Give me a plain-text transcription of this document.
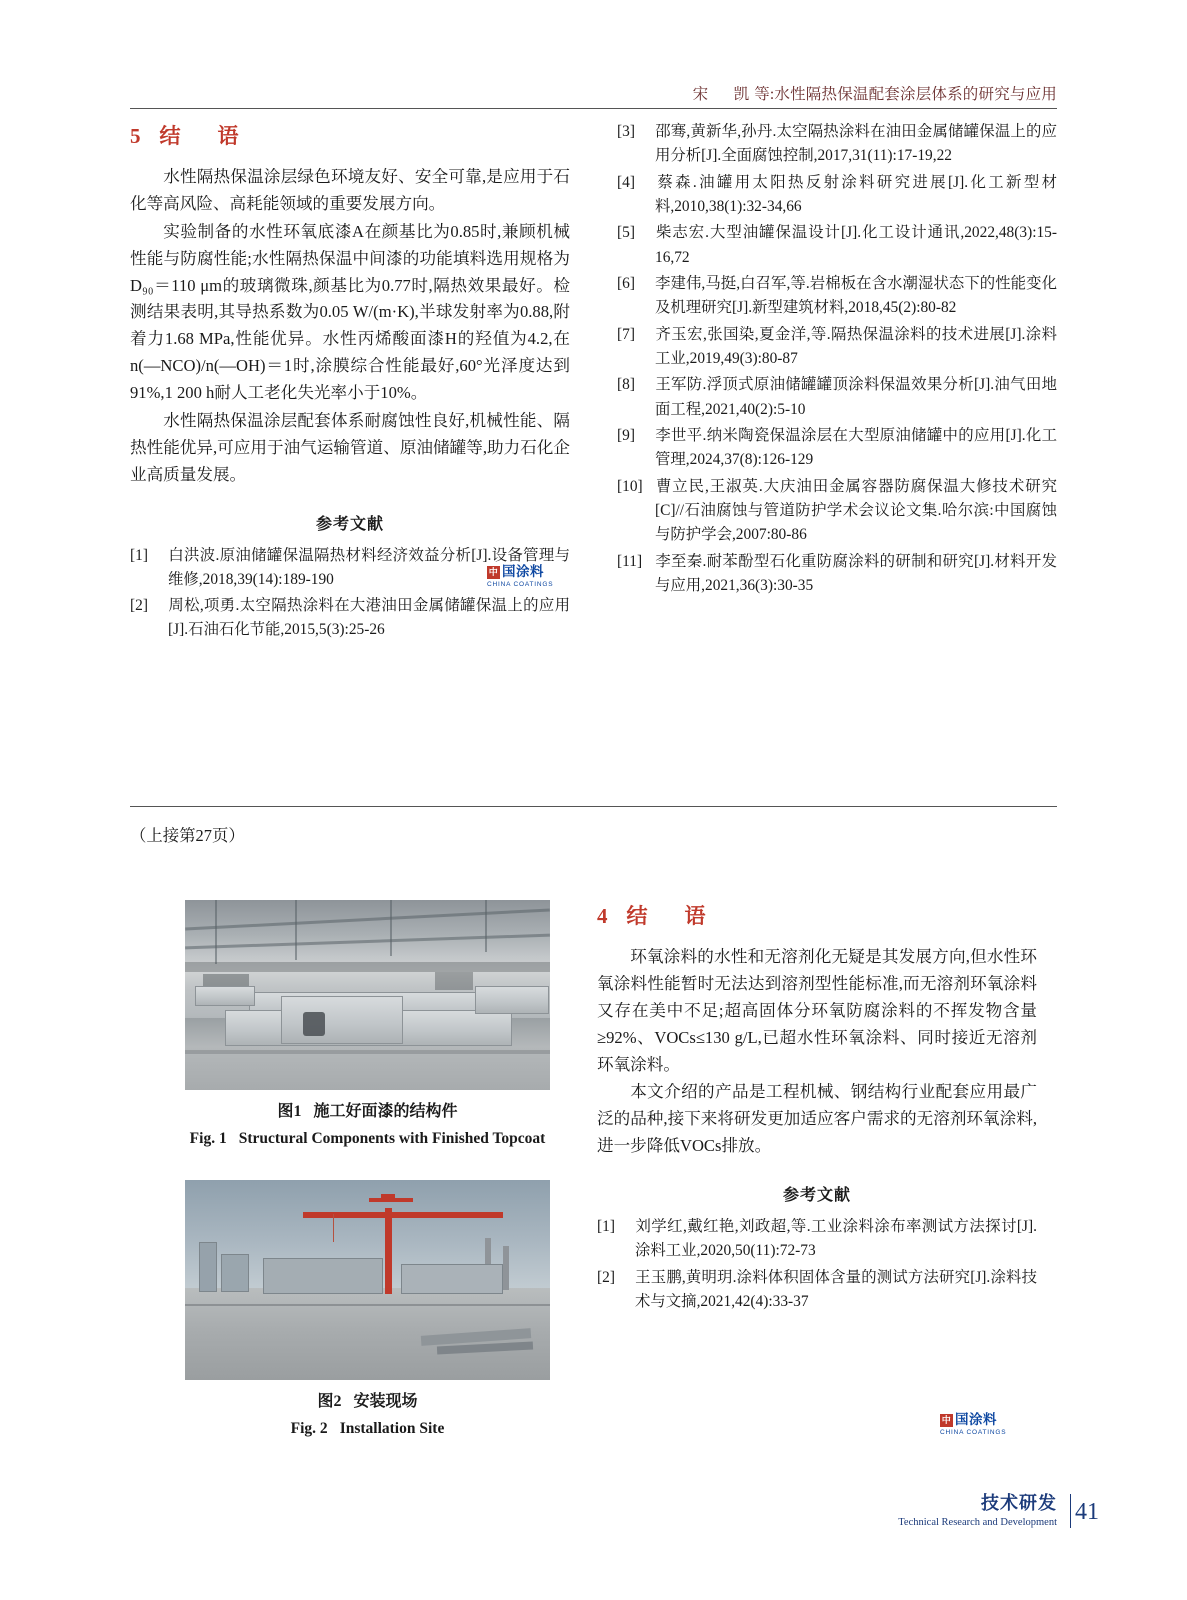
宋　凯等:水性隔热保温配套涂层体系的研究与应用
5 结　语

水性隔热保温涂层绿色环境友好、安全可靠,是应用于石化等高风险、高耗能领域的重要发展方向。

实验制备的水性环氧底漆A在颜基比为0.85时,兼顾机械性能与防腐性能;水性隔热保温中间漆的功能填料选用规格为D₉₀＝110 μm的玻璃微珠,颜基比为0.77时,隔热效果最好。检测结果表明,其导热系数为0.05 W/(m·K),半球发射率为0.88,附着力1.68 MPa,性能优异。水性丙烯酸面漆H的羟值为4.2,在n(—NCO)/n(—OH)＝1时,涂膜综合性能最好,60°光泽度达到91%,1 200 h耐人工老化失光率小于10%。

水性隔热保温涂层配套体系耐腐蚀性良好,机械性能、隔热性能优异,可应用于油气运输管道、原油储罐等,助力石化企业高质量发展。

参考文献
[1] 白洪波.原油储罐保温隔热材料经济效益分析[J].设备管理与维修,2018,39(14):189-190
[2] 周松,项勇.太空隔热涂料在大港油田金属储罐保温上的应用[J].石油石化节能,2015,5(3):25-26
[3] 邵骞,黄新华,孙丹.太空隔热涂料在油田金属储罐保温上的应用分析[J].全面腐蚀控制,2017,31(11):17-19,22
[4] 蔡森.油罐用太阳热反射涂料研究进展[J].化工新型材料,2010,38(1):32-34,66
[5] 柴志宏.大型油罐保温设计[J].化工设计通讯,2022,48(3):15-16,72
[6] 李建伟,马挺,白召军,等.岩棉板在含水潮湿状态下的性能变化及机理研究[J].新型建筑材料,2018,45(2):80-82
[7] 齐玉宏,张国染,夏金洋,等.隔热保温涂料的技术进展[J].涂料工业,2019,49(3):80-87
[8] 王军防.浮顶式原油储罐罐顶涂料保温效果分析[J].油气田地面工程,2021,40(2):5-10
[9] 李世平.纳米陶瓷保温涂层在大型原油储罐中的应用[J].化工管理,2024,37(8):126-129
[10] 曹立民,王淑英.大庆油田金属容器防腐保温大修技术研究[C]//石油腐蚀与管道防护学术会议论文集.哈尔滨:中国腐蚀与防护学会,2007:80-86
[11] 李至秦.耐苯酚型石化重防腐涂料的研制和研究[J].材料开发与应用,2021,36(3):30-35
中 国涂料
CHINA COATINGS
（上接第27页）
图1 施工好面漆的结构件
Fig. 1 Structural Components with Finished Topcoat
图2 安装现场
Fig. 2 Installation Site
4 结　语

环氧涂料的水性和无溶剂化无疑是其发展方向,但水性环氧涂料性能暂时无法达到溶剂型性能标准,而无溶剂环氧涂料又存在美中不足;超高固体分环氧防腐涂料的不挥发物含量≥92%、VOCs≤130 g/L,已超水性环氧涂料、同时接近无溶剂环氧涂料。

本文介绍的产品是工程机械、钢结构行业配套应用最广泛的品种,接下来将研发更加适应客户需求的无溶剂环氧涂料,进一步降低VOCs排放。

参考文献
[1] 刘学红,戴红艳,刘政超,等.工业涂料涂布率测试方法探讨[J].涂料工业,2020,50(11):72-73
[2] 王玉鹏,黄明玥.涂料体积固体含量的测试方法研究[J].涂料技术与文摘,2021,42(4):33-37
中 国涂料
CHINA COATINGS
技术研发
Technical Research and Development 41
